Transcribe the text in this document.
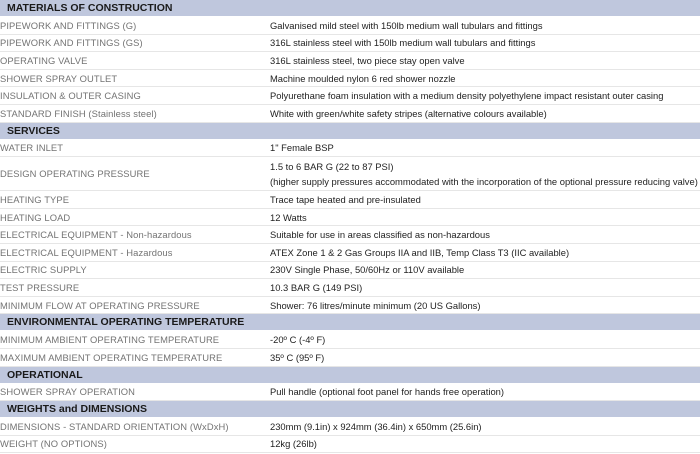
MATERIALS OF CONSTRUCTION	
PIPEWORK AND FITTINGS (G)	Galvanised mild steel with 150lb medium wall tubulars and fittings
PIPEWORK AND FITTINGS (GS)	316L stainless steel with 150lb medium wall tubulars and fittings
OPERATING VALVE	316L stainless steel, two piece stay open valve
SHOWER SPRAY OUTLET	Machine moulded nylon 6 red shower nozzle
INSULATION & OUTER CASING	Polyurethane foam insulation with a medium density polyethylene impact resistant outer casing
STANDARD FINISH (Stainless steel)	White with green/white safety stripes (alternative colours available)
SERVICES	
WATER INLET	1" Female BSP
DESIGN OPERATING PRESSURE	1.5 to 6 BAR G (22 to 87 PSI)
(higher supply pressures accommodated with the incorporation of the optional pressure reducing valve)

HEATING TYPE	Trace tape heated and pre-insulated
HEATING LOAD	12 Watts
ELECTRICAL EQUIPMENT - Non-hazardous	Suitable for use in areas classified as non-hazardous
ELECTRICAL EQUIPMENT - Hazardous	ATEX Zone 1 & 2 Gas Groups IIA and IIB, Temp Class T3 (IIC available)
ELECTRIC SUPPLY	230V Single Phase, 50/60Hz or 110V available
TEST PRESSURE	10.3 BAR G (149 PSI)
MINIMUM FLOW AT OPERATING PRESSURE	Shower: 76 litres/minute minimum (20 US Gallons)
ENVIRONMENTAL OPERATING TEMPERATURE	
MINIMUM AMBIENT OPERATING TEMPERATURE	-20º C (-4º F)
MAXIMUM AMBIENT OPERATING TEMPERATURE	35º C (95º F)
OPERATIONAL	
SHOWER SPRAY OPERATION	Pull handle (optional foot panel for hands free operation)
WEIGHTS and DIMENSIONS	
DIMENSIONS - STANDARD ORIENTATION (WxDxH)	230mm (9.1in) x 924mm (36.4in) x 650mm (25.6in)
WEIGHT (NO OPTIONS)	12kg (26lb)
